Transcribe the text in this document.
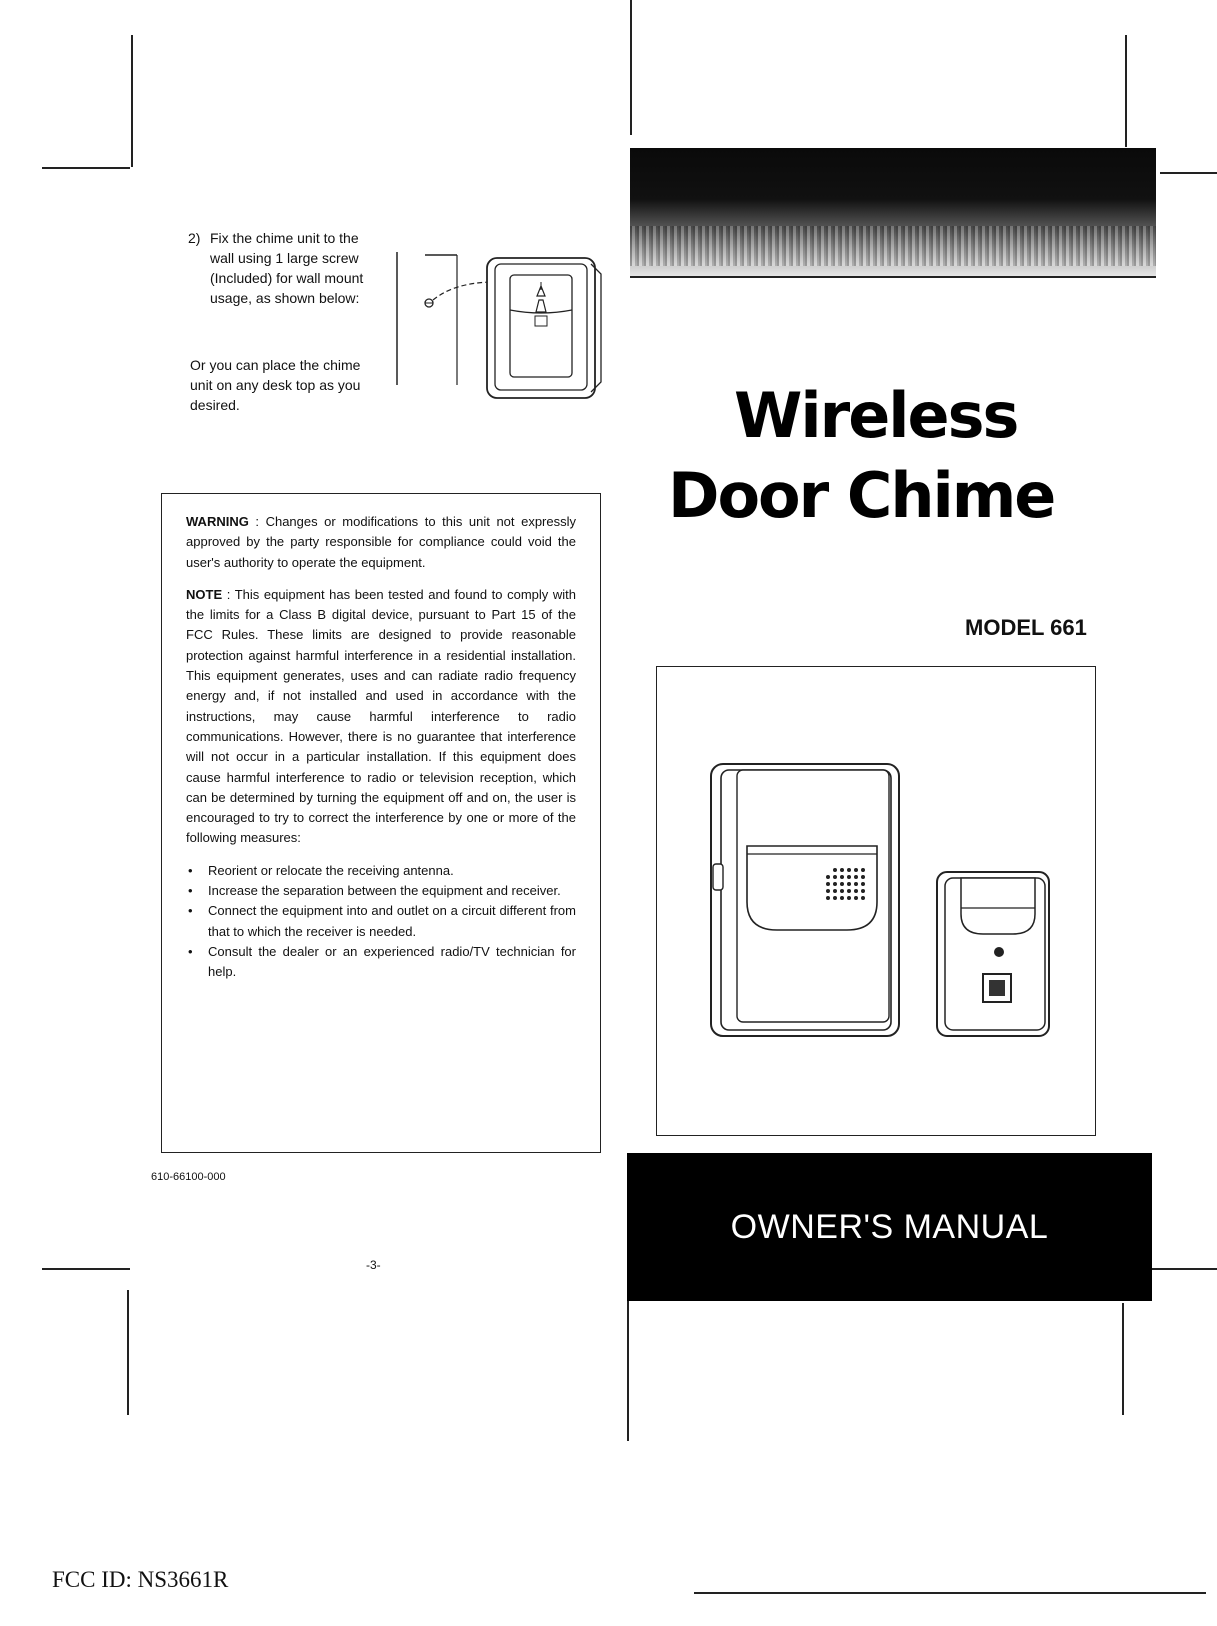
2) Fix the chime unit to the wall using 1 large screw (Included) for wall mount usage, as shown below:
Or you can place the chime unit on any desk top as you desired.

WARNING : Changes or modifications to this unit not expressly approved by the party responsible for compliance could void the user's authority to operate the equipment.

NOTE : This equipment has been tested and found to comply with the limits for a Class B digital device, pursuant to Part 15 of the FCC Rules. These limits are designed to provide reasonable protection against harmful interference in a residential installation. This equipment generates, uses and can radiate radio frequency energy and, if not installed and used in accordance with the instructions, may cause harmful interference to radio communications. However, there is no guarantee that interference will not occur in a particular installation. If this equipment does cause harmful interference to radio or television reception, which can be determined by turning the equipment off and on, the user is encouraged to try to correct the interference by one or more of the following measures:

• Reorient or relocate the receiving antenna.
• Increase the separation between the equipment and receiver.
• Connect the equipment into and outlet on a circuit different from that to which the receiver is needed.
• Consult the dealer or an experienced radio/TV technician for help.
610-66100-000
-3-
Wireless
Door Chime
MODEL 661
OWNER'S MANUAL
FCC ID: NS3661R
